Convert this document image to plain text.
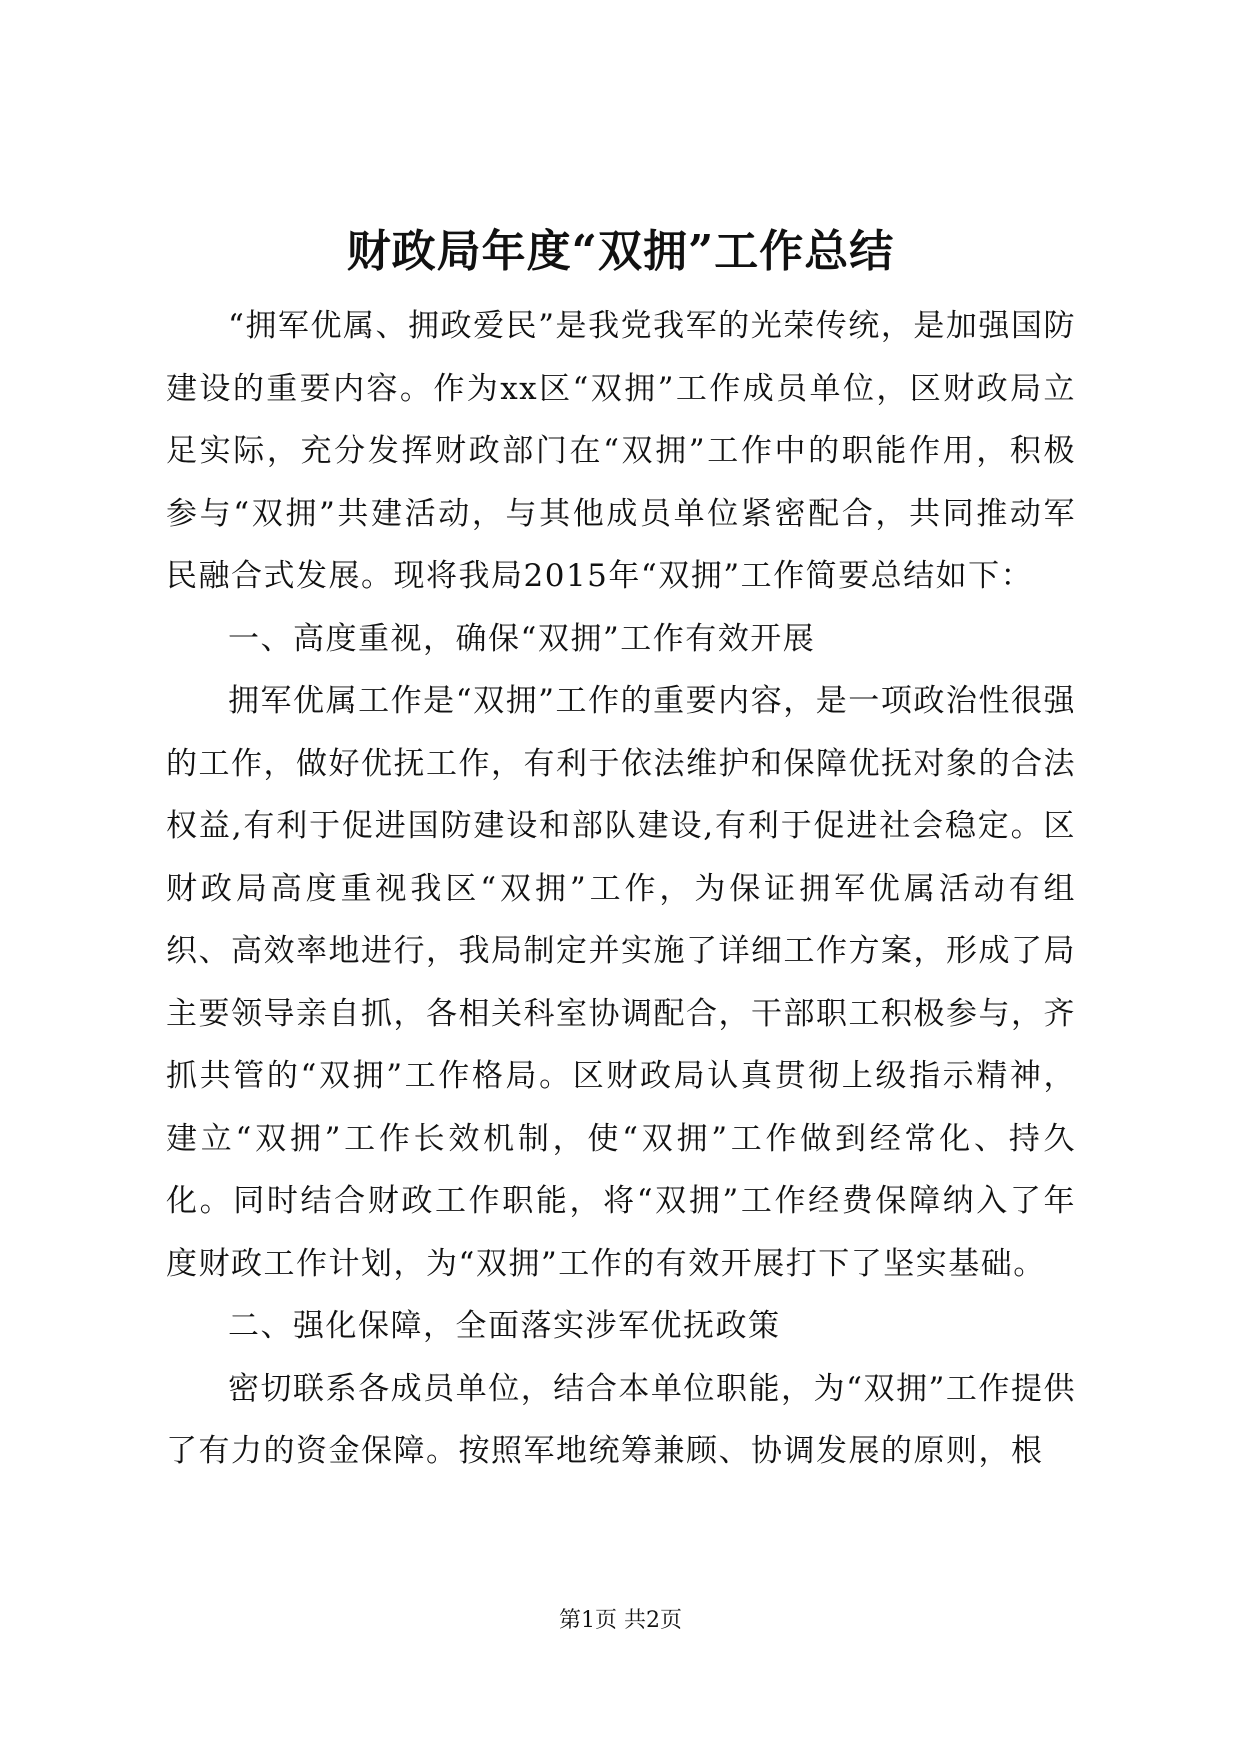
财政局年度“双拥”工作总结

“拥军优属、拥政爱民”是我党我军的光荣传统，是加强国防建设的重要内容。作为xx区“双拥”工作成员单位，区财政局立足实际，充分发挥财政部门在“双拥”工作中的职能作用，积极参与“双拥”共建活动，与其他成员单位紧密配合，共同推动军民融合式发展。现将我局2015年“双拥”工作简要总结如下：

一、高度重视，确保“双拥”工作有效开展

拥军优属工作是“双拥”工作的重要内容，是一项政治性很强的工作，做好优抚工作，有利于依法维护和保障优抚对象的合法权益,有利于促进国防建设和部队建设,有利于促进社会稳定。区财政局高度重视我区“双拥”工作，为保证拥军优属活动有组织、高效率地进行，我局制定并实施了详细工作方案，形成了局主要领导亲自抓，各相关科室协调配合，干部职工积极参与，齐抓共管的“双拥”工作格局。区财政局认真贯彻上级指示精神，建立“双拥”工作长效机制，使“双拥”工作做到经常化、持久化。同时结合财政工作职能，将“双拥”工作经费保障纳入了年度财政工作计划，为“双拥”工作的有效开展打下了坚实基础。

二、强化保障，全面落实涉军优抚政策

密切联系各成员单位，结合本单位职能，为“双拥”工作提供了有力的资金保障。按照军地统筹兼顾、协调发展的原则，根

第1页 共2页
